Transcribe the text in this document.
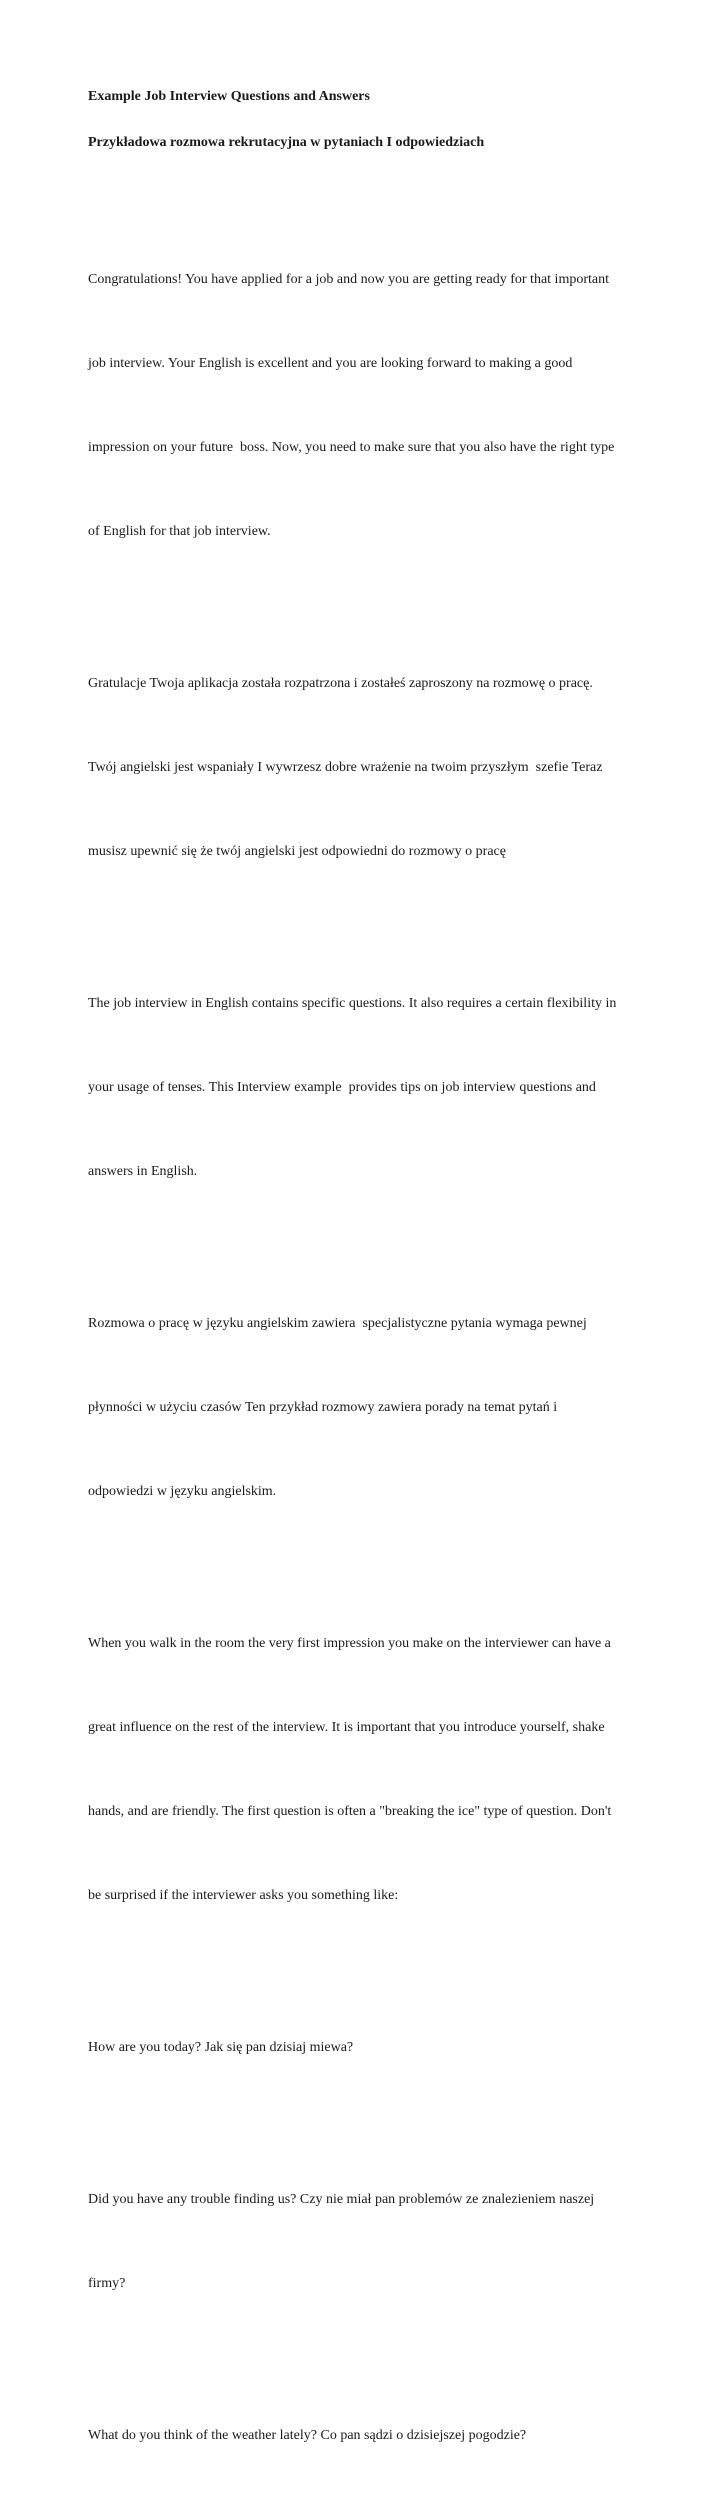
Example Job Interview Questions and Answers

Przykładowa rozmowa rekrutacyjna w pytaniach I odpowiedziach

Congratulations! You have applied for a job and now you are getting ready for that important

job interview. Your English is excellent and you are looking forward to making a good

impression on your future  boss. Now, you need to make sure that you also have the right type

of English for that job interview.

Gratulacje Twoja aplikacja została rozpatrzona i zostałeś zaproszony na rozmowę o pracę.

Twój angielski jest wspaniały I wywrzesz dobre wrażenie na twoim przyszłym  szefie Teraz

musisz upewnić się że twój angielski jest odpowiedni do rozmowy o pracę

The job interview in English contains specific questions. It also requires a certain flexibility in

your usage of tenses. This Interview example  provides tips on job interview questions and

answers in English.

Rozmowa o pracę w języku angielskim zawiera  specjalistyczne pytania wymaga pewnej

płynności w użyciu czasów Ten przykład rozmowy zawiera porady na temat pytań i

odpowiedzi w języku angielskim.

When you walk in the room the very first impression you make on the interviewer can have a

great influence on the rest of the interview. It is important that you introduce yourself, shake

hands, and are friendly. The first question is often a "breaking the ice" type of question. Don't

be surprised if the interviewer asks you something like:

How are you today? Jak się pan dzisiaj miewa?

Did you have any trouble finding us? Czy nie miał pan problemów ze znalezieniem naszej

firmy?

What do you think of the weather lately? Co pan sądzi o dzisiejszej pogodzie?
